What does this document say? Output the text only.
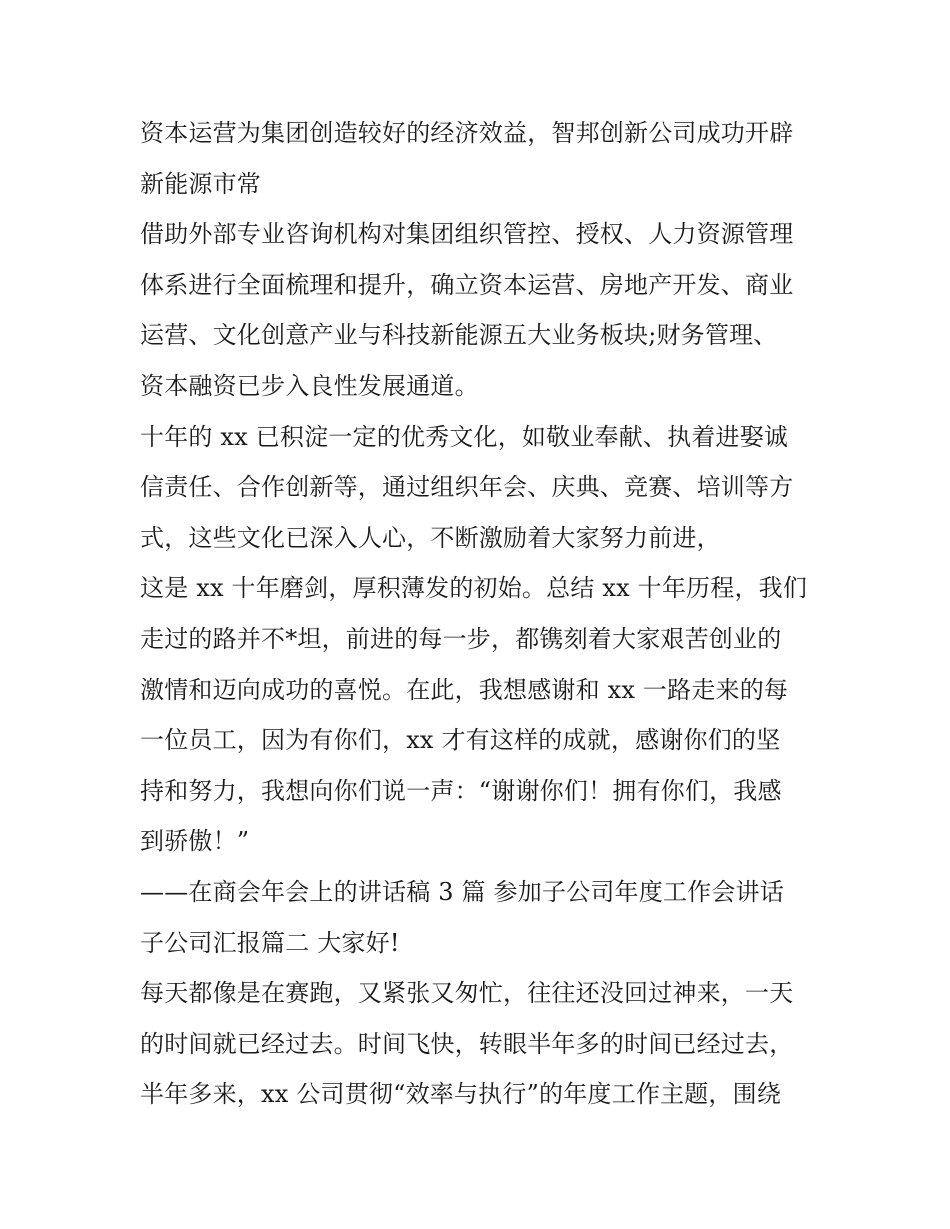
资本运营为集团创造较好的经济效益，智邦创新公司成功开辟
新能源市常
借助外部专业咨询机构对集团组织管控、授权、人力资源管理
体系进行全面梳理和提升，确立资本运营、房地产开发、商业
运营、文化创意产业与科技新能源五大业务板块;财务管理、
资本融资已步入良性发展通道。
十年的 xx 已积淀一定的优秀文化，如敬业奉献、执着进娶诚
信责任、合作创新等，通过组织年会、庆典、竞赛、培训等方
式，这些文化已深入人心，不断激励着大家努力前进，
这是 xx 十年磨剑，厚积薄发的初始。总结 xx 十年历程，我们
走过的路并不*坦，前进的每一步，都镌刻着大家艰苦创业的
激情和迈向成功的喜悦。在此，我想感谢和 xx 一路走来的每
一位员工，因为有你们，xx 才有这样的成就，感谢你们的坚
持和努力，我想向你们说一声：“谢谢你们！拥有你们，我感
到骄傲！”
——在商会年会上的讲话稿 3 篇 参加子公司年度工作会讲话
子公司汇报篇二 大家好!
每天都像是在赛跑，又紧张又匆忙，往往还没回过神来，一天
的时间就已经过去。时间飞快，转眼半年多的时间已经过去，
半年多来，xx 公司贯彻“效率与执行”的年度工作主题，围绕
